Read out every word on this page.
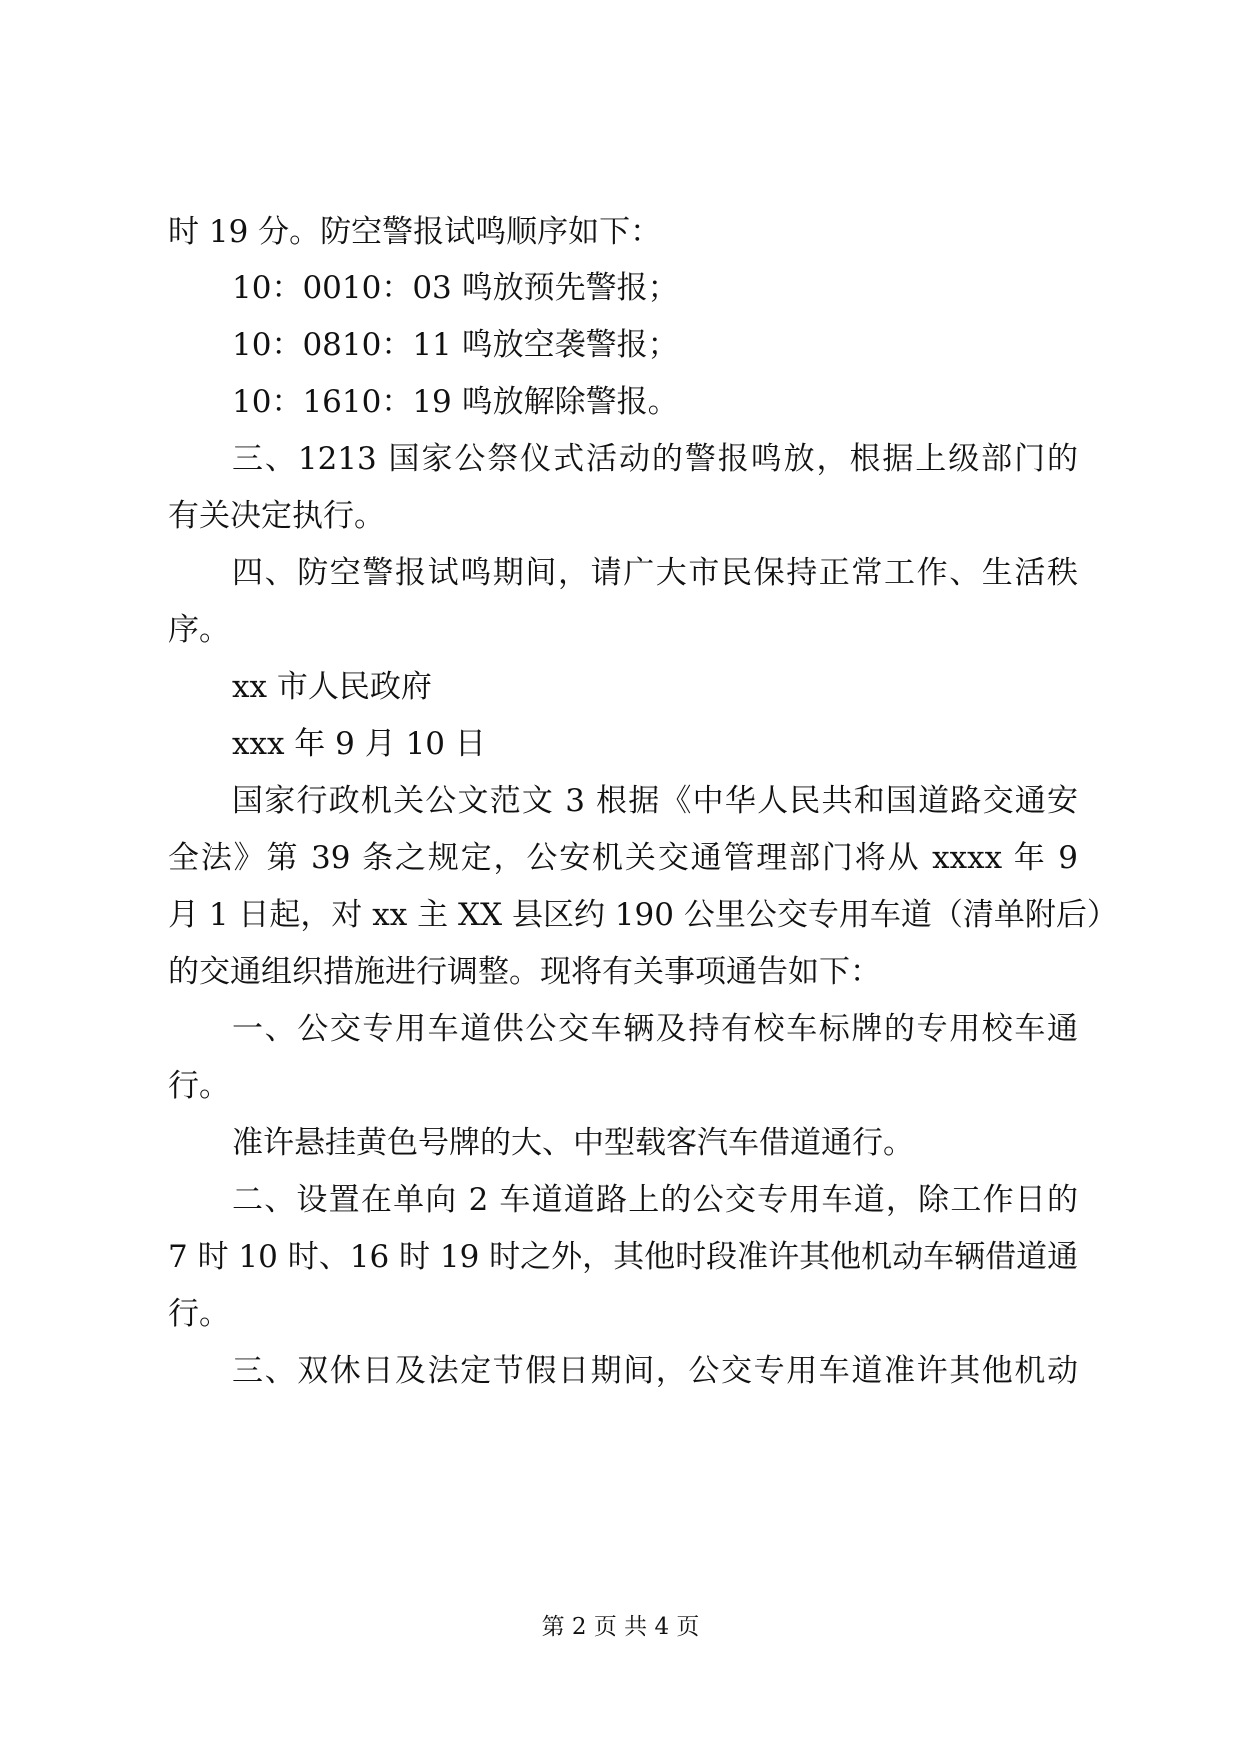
时 19 分。防空警报试鸣顺序如下：
10：0010：03 鸣放预先警报；
10：0810：11 鸣放空袭警报；
10：1610：19 鸣放解除警报。
三、1213 国家公祭仪式活动的警报鸣放，根据上级部门的
有关决定执行。
四、防空警报试鸣期间，请广大市民保持正常工作、生活秩
序。
xx 市人民政府
xxx 年 9 月 10 日
国家行政机关公文范文 3 根据《中华人民共和国道路交通安
全法》第 39 条之规定，公安机关交通管理部门将从 xxxx 年 9
月 1 日起，对 xx 主 XX 县区约 190 公里公交专用车道（清单附后）
的交通组织措施进行调整。现将有关事项通告如下：
一、公交专用车道供公交车辆及持有校车标牌的专用校车通
行。
准许悬挂黄色号牌的大、中型载客汽车借道通行。
二、设置在单向 2 车道道路上的公交专用车道，除工作日的
7 时 10 时、16 时 19 时之外，其他时段准许其他机动车辆借道通
行。
三、双休日及法定节假日期间，公交专用车道准许其他机动
第 2 页 共 4 页
